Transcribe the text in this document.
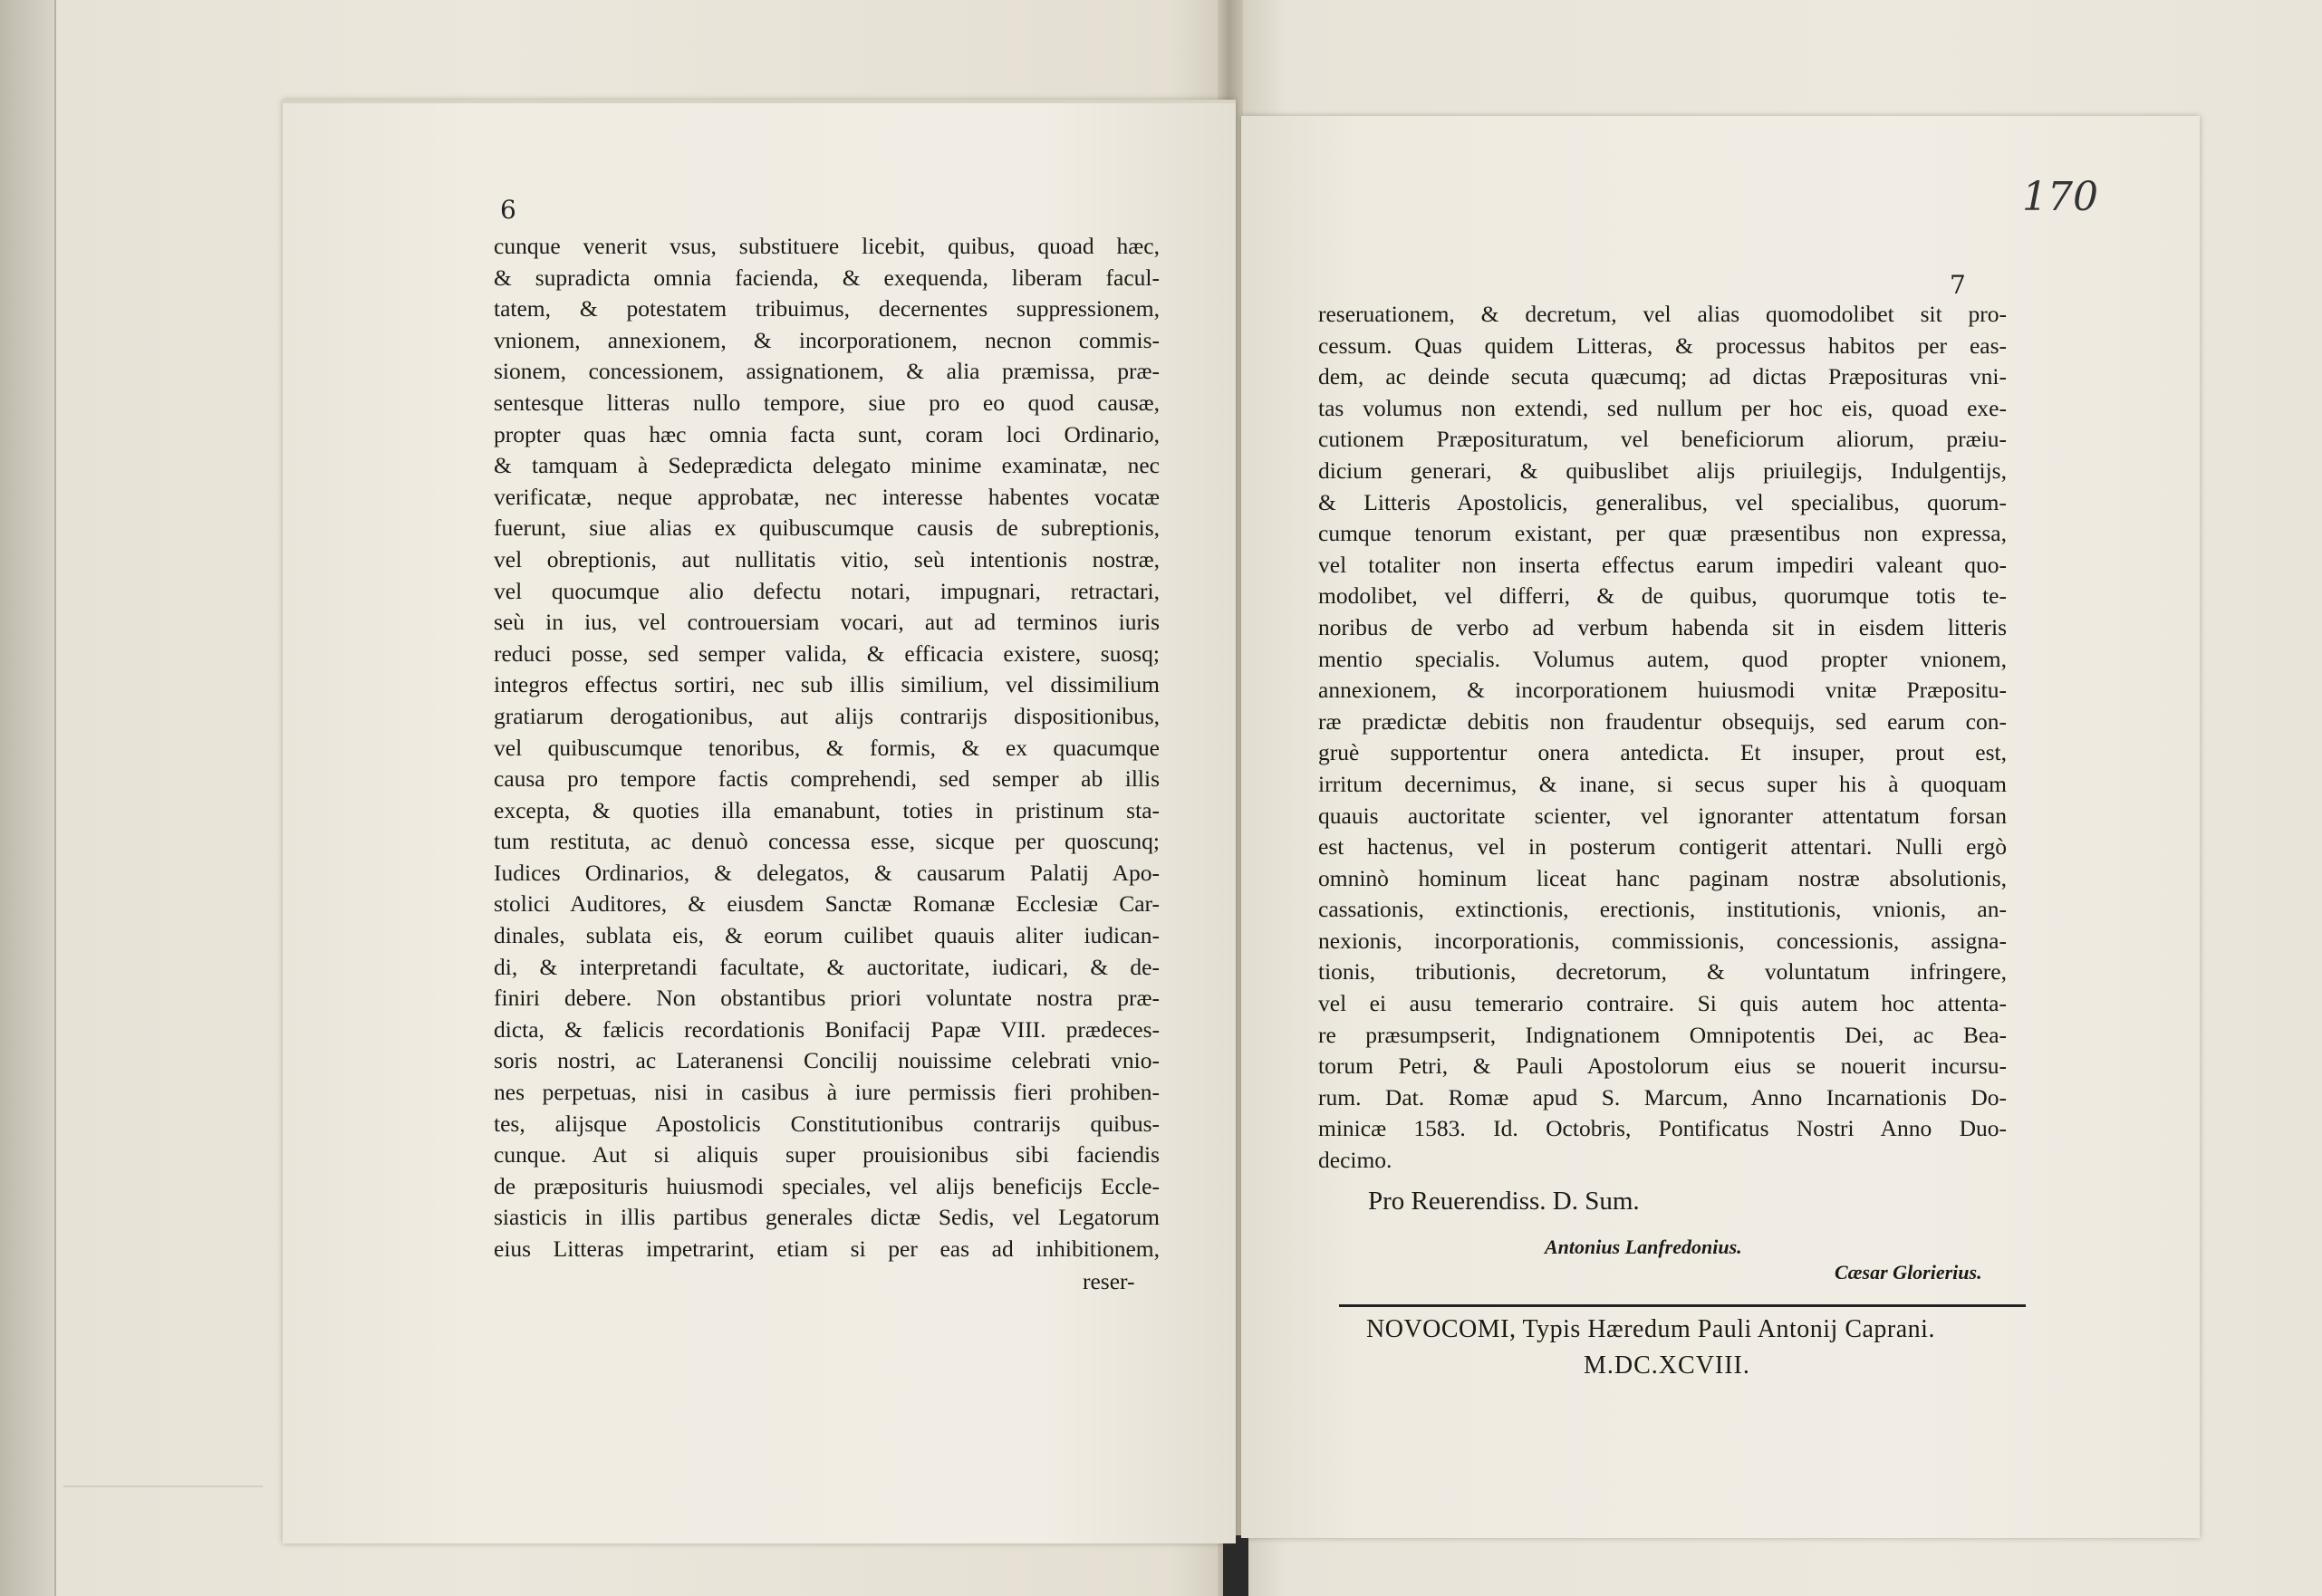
6
cunque venerit vsus, substituere licebit, quibus, quoad hæc,
& supradicta omnia facienda, & exequenda, liberam facul-
tatem, & potestatem tribuimus, decernentes suppressionem,
vnionem, annexionem, & incorporationem, necnon commis-
sionem, concessionem, assignationem, & alia præmissa, præ-
sentesque litteras nullo tempore, siue pro eo quod causæ,
propter quas hæc omnia facta sunt, coram loci Ordinario,
& tamquam à Sedeprædicta delegato minime examinatæ, nec
verificatæ, neque approbatæ, nec interesse habentes vocatæ
fuerunt, siue alias ex quibuscumque causis de subreptionis,
vel obreptionis, aut nullitatis vitio, seù intentionis nostræ,
vel quocumque alio defectu notari, impugnari, retractari,
seù in ius, vel controuersiam vocari, aut ad terminos iuris
reduci posse, sed semper valida, & efficacia existere, suosq;
integros effectus sortiri, nec sub illis similium, vel dissimilium
gratiarum derogationibus, aut alijs contrarijs dispositionibus,
vel quibuscumque tenoribus, & formis, & ex quacumque
causa pro tempore factis comprehendi, sed semper ab illis
excepta, & quoties illa emanabunt, toties in pristinum sta-
tum restituta, ac denuò concessa esse, sicque per quoscunq;
Iudices Ordinarios, & delegatos, & causarum Palatij Apo-
stolici Auditores, & eiusdem Sanctæ Romanæ Ecclesiæ Car-
dinales, sublata eis, & eorum cuilibet quauis aliter iudican-
di, & interpretandi facultate, & auctoritate, iudicari, & de-
finiri debere. Non obstantibus priori voluntate nostra præ-
dicta, & fælicis recordationis Bonifacij Papæ VIII. prædeces-
soris nostri, ac Lateranensi Concilij nouissime celebrati vnio-
nes perpetuas, nisi in casibus à iure permissis fieri prohiben-
tes, alijsque Apostolicis Constitutionibus contrarijs quibus-
cunque. Aut si aliquis super prouisionibus sibi faciendis
de præposituris huiusmodi speciales, vel alijs beneficijs Eccle-
siasticis in illis partibus generales dictæ Sedis, vel Legatorum
eius Litteras impetrarint, etiam si per eas ad inhibitionem,
reser-
170
7
reseruationem, & decretum, vel alias quomodolibet sit pro-
cessum. Quas quidem Litteras, & processus habitos per eas-
dem, ac deinde secuta quæcumq; ad dictas Præposituras vni-
tas volumus non extendi, sed nullum per hoc eis, quoad exe-
cutionem Præposituratum, vel beneficiorum aliorum, præiu-
dicium generari, & quibuslibet alijs priuilegijs, Indulgentijs,
& Litteris Apostolicis, generalibus, vel specialibus, quorum-
cumque tenorum existant, per quæ præsentibus non expressa,
vel totaliter non inserta effectus earum impediri valeant quo-
modolibet, vel differri, & de quibus, quorumque totis te-
noribus de verbo ad verbum habenda sit in eisdem litteris
mentio specialis. Volumus autem, quod propter vnionem,
annexionem, & incorporationem huiusmodi vnitæ Præpositu-
ræ prædictæ debitis non fraudentur obsequijs, sed earum con-
gruè supportentur onera antedicta. Et insuper, prout est,
irritum decernimus, & inane, si secus super his à quoquam
quauis auctoritate scienter, vel ignoranter attentatum forsan
est hactenus, vel in posterum contigerit attentari. Nulli ergò
omninò hominum liceat hanc paginam nostræ absolutionis,
cassationis, extinctionis, erectionis, institutionis, vnionis, an-
nexionis, incorporationis, commissionis, concessionis, assigna-
tionis, tributionis, decretorum, & voluntatum infringere,
vel ei ausu temerario contraire. Si quis autem hoc attenta-
re præsumpserit, Indignationem Omnipotentis Dei, ac Bea-
torum Petri, & Pauli Apostolorum eius se nouerit incursu-
rum. Dat. Romæ apud S. Marcum, Anno Incarnationis Do-
minicæ 1583. Id. Octobris, Pontificatus Nostri Anno Duo-
decimo.
Pro Reuerendiss. D. Sum.
Antonius Lanfredonius.
Cæsar Glorierius.
NOVOCOMI, Typis Hæredum Pauli Antonij Caprani.
M.DC.XCVIII.
